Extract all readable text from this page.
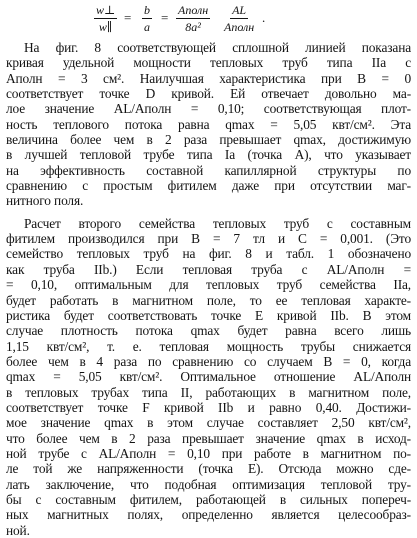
$\frac{w\perp}{w\parallel} = \frac{b}{a}$ = Aполн
8a²
AL
Aполн
.
На фиг. 8 соответствующей сплошной линией показана
кривая удельной мощности тепловых труб типа IIа с
Aполн = 3 см². Наилучшая характеристика при B = 0
соответствует точке D кривой. Ей отвечает довольно ма-
лое значение AL/Aполн = 0,10; соответствующая плот-
ность теплового потока равна qmax = 5,05 квт/см². Эта
величина более чем в 2 раза превышает qmax, достижимую
в лучшей тепловой трубе типа Iа (точка A), что указывает
на эффективность составной капиллярной структуры по
сравнению с простым фитилем даже при отсутствии маг-
нитного поля.
Расчет второго семейства тепловых труб с составным
фитилем производился при B = 7 тл и C = 0,001. (Это
семейство тепловых труб на фиг. 8 и табл. 1 обозначено
как труба IIb.) Если тепловая труба с AL/Aполн =
= 0,10, оптимальным для тепловых труб семейства IIа,
будет работать в магнитном поле, то ее тепловая характе-
ристика будет соответствовать точке E кривой IIb. В этом
случае плотность потока qmax будет равна всего лишь
1,15 квт/см², т. е. тепловая мощность трубы снижается
более чем в 4 раза по сравнению со случаем B = 0, когда
qmax = 5,05 квт/см². Оптимальное отношение AL/Aполн
в тепловых трубах типа II, работающих в магнитном поле,
соответствует точке F кривой IIb и равно 0,40. Достижи-
мое значение qmax в этом случае составляет 2,50 квт/см²,
что более чем в 2 раза превышает значение qmax в исход-
ной трубе с AL/Aполн = 0,10 при работе в магнитном по-
ле той же напряженности (точка E). Отсюда можно сде-
лать заключение, что подобная оптимизация тепловой тру-
бы с составным фитилем, работающей в сильных попереч-
ных магнитных полях, определенно является целесообраз-
ной.
